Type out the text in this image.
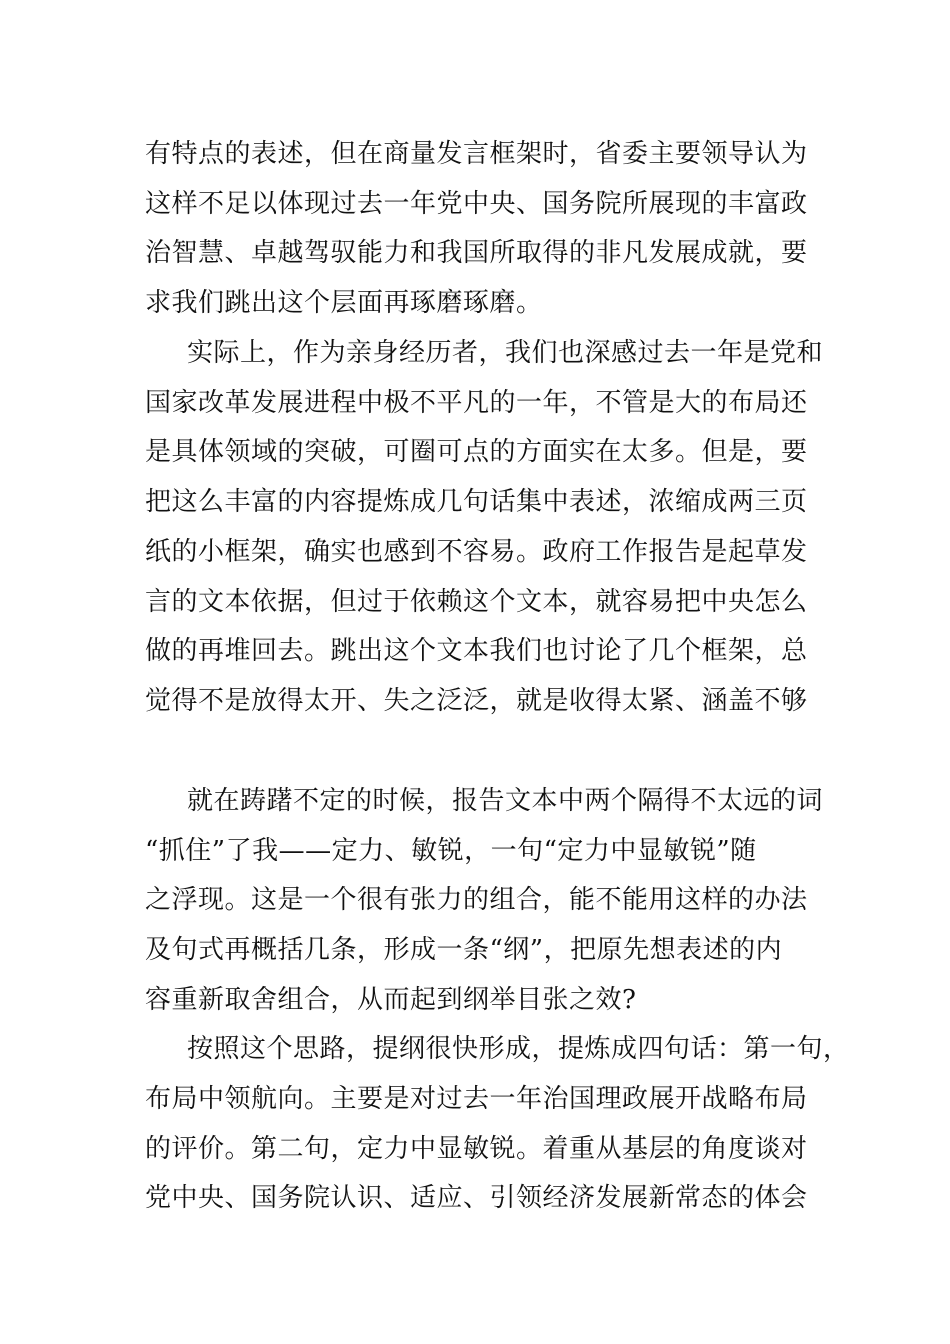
有特点的表述，但在商量发言框架时，省委主要领导认为
这样不足以体现过去一年党中央、国务院所展现的丰富政
治智慧、卓越驾驭能力和我国所取得的非凡发展成就，要
求我们跳出这个层面再琢磨琢磨。
实际上，作为亲身经历者，我们也深感过去一年是党和
国家改革发展进程中极不平凡的一年，不管是大的布局还
是具体领域的突破，可圈可点的方面实在太多。但是，要
把这么丰富的内容提炼成几句话集中表述，浓缩成两三页
纸的小框架，确实也感到不容易。政府工作报告是起草发
言的文本依据，但过于依赖这个文本，就容易把中央怎么
做的再堆回去。跳出这个文本我们也讨论了几个框架，总
觉得不是放得太开、失之泛泛，就是收得太紧、涵盖不够
就在踌躇不定的时候，报告文本中两个隔得不太远的词
“抓住”了我——定力、敏锐，一句“定力中显敏锐”随
之浮现。这是一个很有张力的组合，能不能用这样的办法
及句式再概括几条，形成一条“纲”，把原先想表述的内
容重新取舍组合，从而起到纲举目张之效?
按照这个思路，提纲很快形成，提炼成四句话：第一句，
布局中领航向。主要是对过去一年治国理政展开战略布局
的评价。第二句，定力中显敏锐。着重从基层的角度谈对
党中央、国务院认识、适应、引领经济发展新常态的体会
